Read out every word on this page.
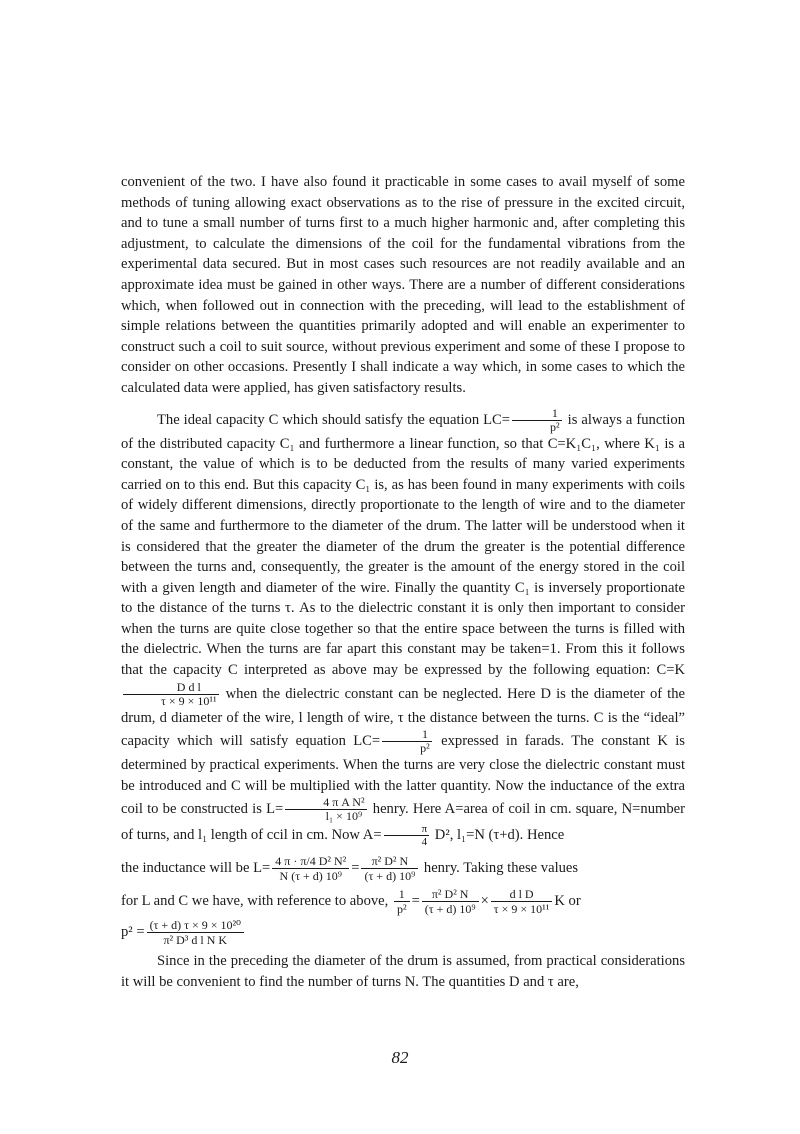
convenient of the two. I have also found it practicable in some cases to avail myself of some methods of tuning allowing exact observations as to the rise of pressure in the excited circuit, and to tune a small number of turns first to a much higher harmonic and, after completing this adjustment, to calculate the dimensions of the coil for the fundamental vibrations from the experimental data secured. But in most cases such resources are not readily available and an approximate idea must be gained in other ways. There are a number of different considerations which, when followed out in connection with the preceding, will lead to the establishment of simple relations between the quantities primarily adopted and will enable an experimenter to construct such a coil to suit source, without previous experiment and some of these I propose to consider on other occasions. Presently I shall indicate a way which, in some cases to which the calculated data were applied, has given satisfactory results.

The ideal capacity C which should satisfy the equation $LC= \frac{1}{\text{p²}}$ is always a function of the distributed capacity C₁ and furthermore a linear function, so that C=K₁C₁, where K₁ is a constant, the value of which is to be deducted from the results of many varied experiments carried on to this end. But this capacity C₁ is, as has been found in many experiments with coils of widely different dimensions, directly proportionate to the length of wire and to the diameter of the same and furthermore to the diameter of the drum. The latter will be understood when it is considered that the greater the diameter of the drum the greater is the potential difference between the turns and, consequently, the greater is the amount of the energy stored in the coil with a given length and diameter of the wire. Finally the quantity C₁ is inversely proportionate to the distance of the turns τ. As to the dielectric constant it is only then important to consider when the turns are quite close together so that the entire space between the turns is filled with the dielectric. When the turns are far apart this constant may be taken=1. From this it follows that the capacity C interpreted as above may be expressed by the following equation: C=K
$\frac{\text{D d l}}{\text{τ × 9 × 10¹¹}}$ when the dielectric constant can be neglected. Here D is the diameter of the drum, d diameter of the wire, l length of wire, τ the distance between the turns. C is the “ideal” capacity which will satisfy equation $LC= \frac{1}{\text{p²}}$ expressed in farads. The constant K is determined by practical experiments. When the turns are very close the dielectric constant must be introduced and C will be multiplied with the latter quantity. Now the inductance of the extra coil to be constructed is $L= \frac{\text{4 π A N²}}{\text{l₁ × 10⁹}}$ henry. Here A=area of coil in cm. square, N=number of turns, and l₁ length of ccil in cm. Now $A= \frac{\pi}{4} D^2$, l₁=N (τ+d). Hence

the inductance will be $L= \frac{\text{4 π · π/4 D² N²}}{\text{N (τ + d) 10⁹}} = \frac{\text{π² D² N}}{\text{(τ + d) 10⁹}}$ henry. Taking these values

for L and C we have, with reference to above, $\frac{1}{\text{p²}} = \frac{\text{π² D² N}}{\text{(τ + d) 10⁹}} \times \frac{\text{d l D}}{\text{τ × 9 × 10¹¹}}$ K or

$p^2 = \frac{\text{(τ + d) τ × 9 × 10²⁰}}{\text{π² D³ d l N K}}$

Since in the preceding the diameter of the drum is assumed, from practical considerations it will be convenient to find the number of turns N. The quantities D and τ are,

82
